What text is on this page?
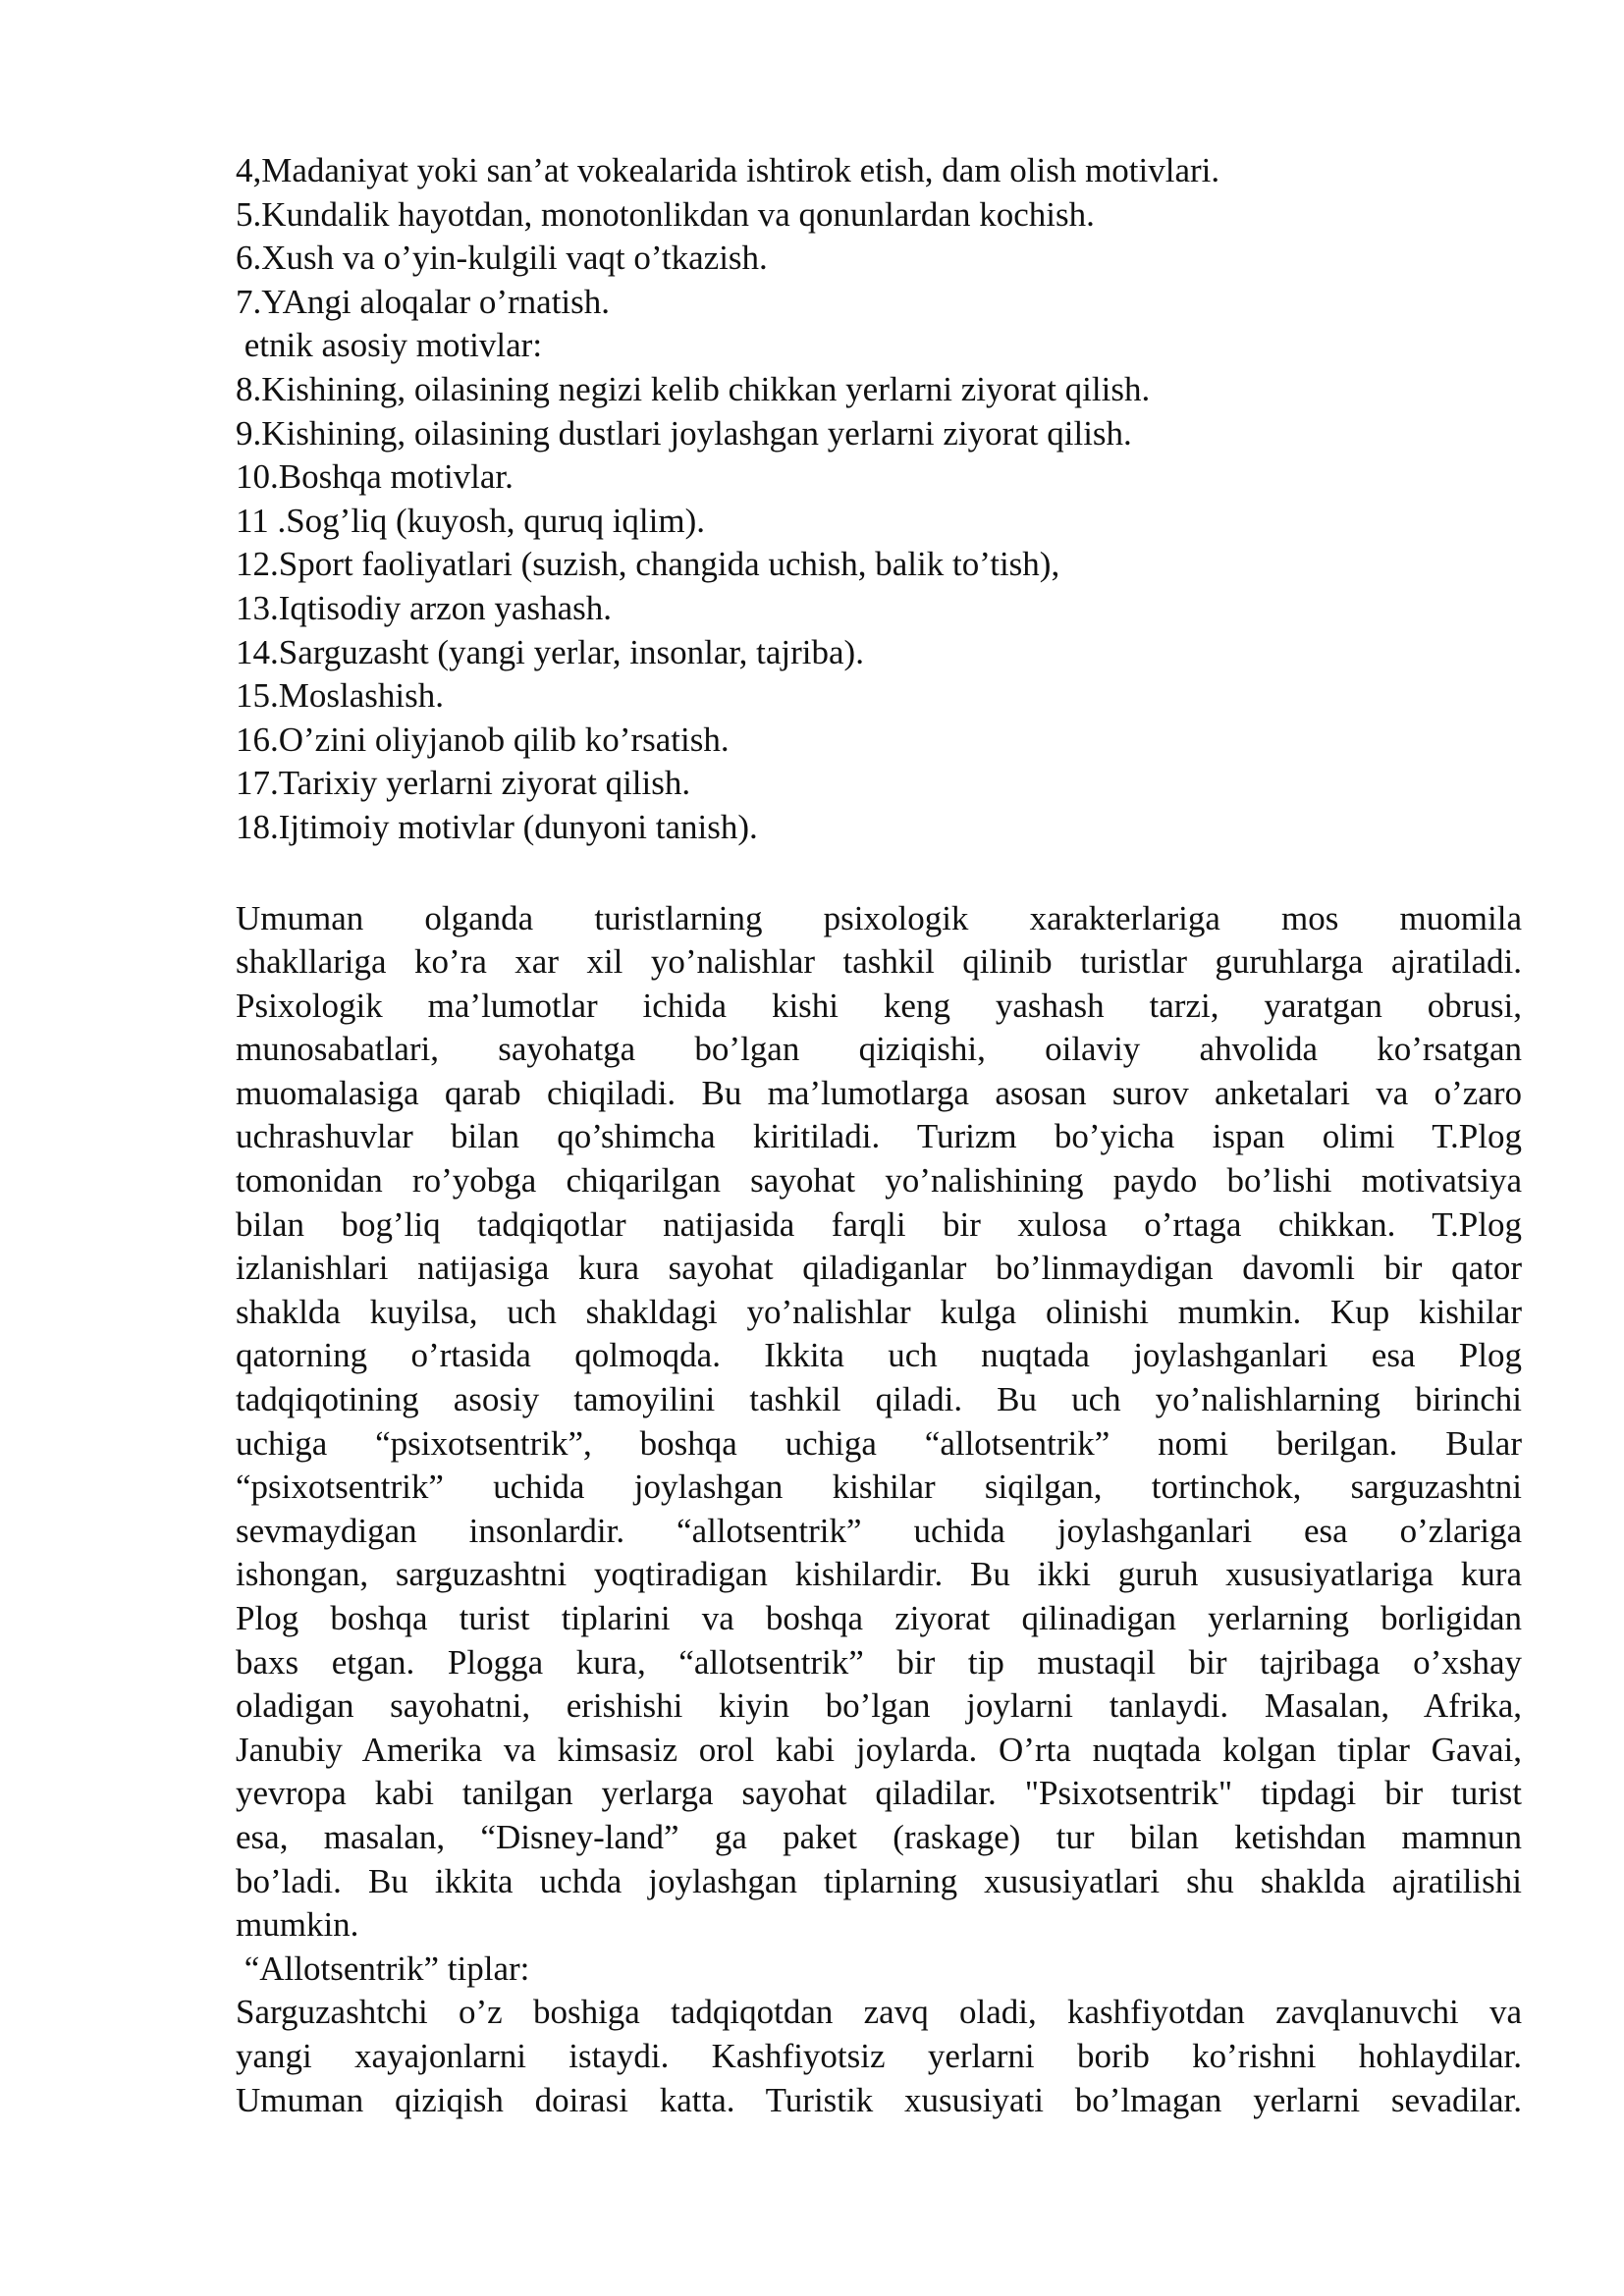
4,Madaniyat yoki san’at vokealarida ishtirok etish, dam olish motivlari.

5.Kundalik hayotdan, monotonlikdan va qonunlardan kochish.

6.Xush va o’yin-kulgili vaqt o’tkazish.

7.YAngi aloqalar o’rnatish.

etnik asosiy motivlar:

8.Kishining, oilasining negizi kelib chikkan yerlarni ziyorat qilish.

9.Kishining, oilasining dustlari joylashgan yerlarni ziyorat qilish.

10.Boshqa motivlar.

11 .Sog’liq (kuyosh, quruq iqlim).

12.Sport faoliyatlari (suzish, changida uchish, balik to’tish),

13.Iqtisodiy arzon yashash.

14.Sarguzasht (yangi yerlar, insonlar, tajriba).

15.Moslashish.

16.O’zini oliyjanob qilib ko’rsatish.

17.Tarixiy yerlarni ziyorat qilish.

18.Ijtimoiy motivlar (dunyoni tanish).

Umuman olganda turistlarning psixologik xarakterlariga mos muomila
shakllariga ko’ra xar xil yo’nalishlar tashkil qilinib turistlar guruhlarga ajratiladi.
Psixologik ma’lumotlar ichida kishi keng yashash tarzi, yaratgan obrusi,
munosabatlari, sayohatga bo’lgan qiziqishi, oilaviy ahvolida ko’rsatgan
muomalasiga qarab chiqiladi. Bu ma’lumotlarga asosan surov anketalari va o’zaro
uchrashuvlar bilan qo’shimcha kiritiladi. Turizm bo’yicha ispan olimi T.Plog
tomonidan ro’yobga chiqarilgan sayohat yo’nalishining paydo bo’lishi motivatsiya
bilan bog’liq tadqiqotlar natijasida farqli bir xulosa o’rtaga chikkan. T.Plog
izlanishlari natijasiga kura sayohat qiladiganlar bo’linmaydigan davomli bir qator
shaklda kuyilsa, uch shakldagi yo’nalishlar kulga olinishi mumkin. Kup kishilar
qatorning o’rtasida qolmoqda. Ikkita uch nuqtada joylashganlari esa Plog
tadqiqotining asosiy tamoyilini tashkil qiladi. Bu uch yo’nalishlarning birinchi
uchiga “psixotsentrik”, boshqa uchiga “allotsentrik” nomi berilgan. Bular
“psixotsentrik” uchida joylashgan kishilar siqilgan, tortinchok, sarguzashtni
sevmaydigan insonlardir. “allotsentrik” uchida joylashganlari esa o’zlariga
ishongan, sarguzashtni yoqtiradigan kishilardir. Bu ikki guruh xususiyatlariga kura
Plog boshqa turist tiplarini va boshqa ziyorat qilinadigan yerlarning borligidan
baxs etgan. Plogga kura, “allotsentrik” bir tip mustaqil bir tajribaga o’xshay
oladigan sayohatni, erishishi kiyin bo’lgan joylarni tanlaydi. Masalan, Afrika,
Janubiy Amerika va kimsasiz orol kabi joylarda. O’rta nuqtada kolgan tiplar Gavai,
yevropa kabi tanilgan yerlarga sayohat qiladilar. "Psixotsentrik" tipdagi bir turist
esa, masalan, “Disney-land” ga paket (raskage) tur bilan ketishdan mamnun
bo’ladi. Bu ikkita uchda joylashgan tiplarning xususiyatlari shu shaklda ajratilishi
mumkin.

“Allotsentrik” tiplar:

Sarguzashtchi o’z boshiga tadqiqotdan zavq oladi, kashfiyotdan zavqlanuvchi va
yangi xayajonlarni istaydi. Kashfiyotsiz yerlarni borib ko’rishni hohlaydilar.
Umuman qiziqish doirasi katta. Turistik xususiyati bo’lmagan yerlarni sevadilar.
